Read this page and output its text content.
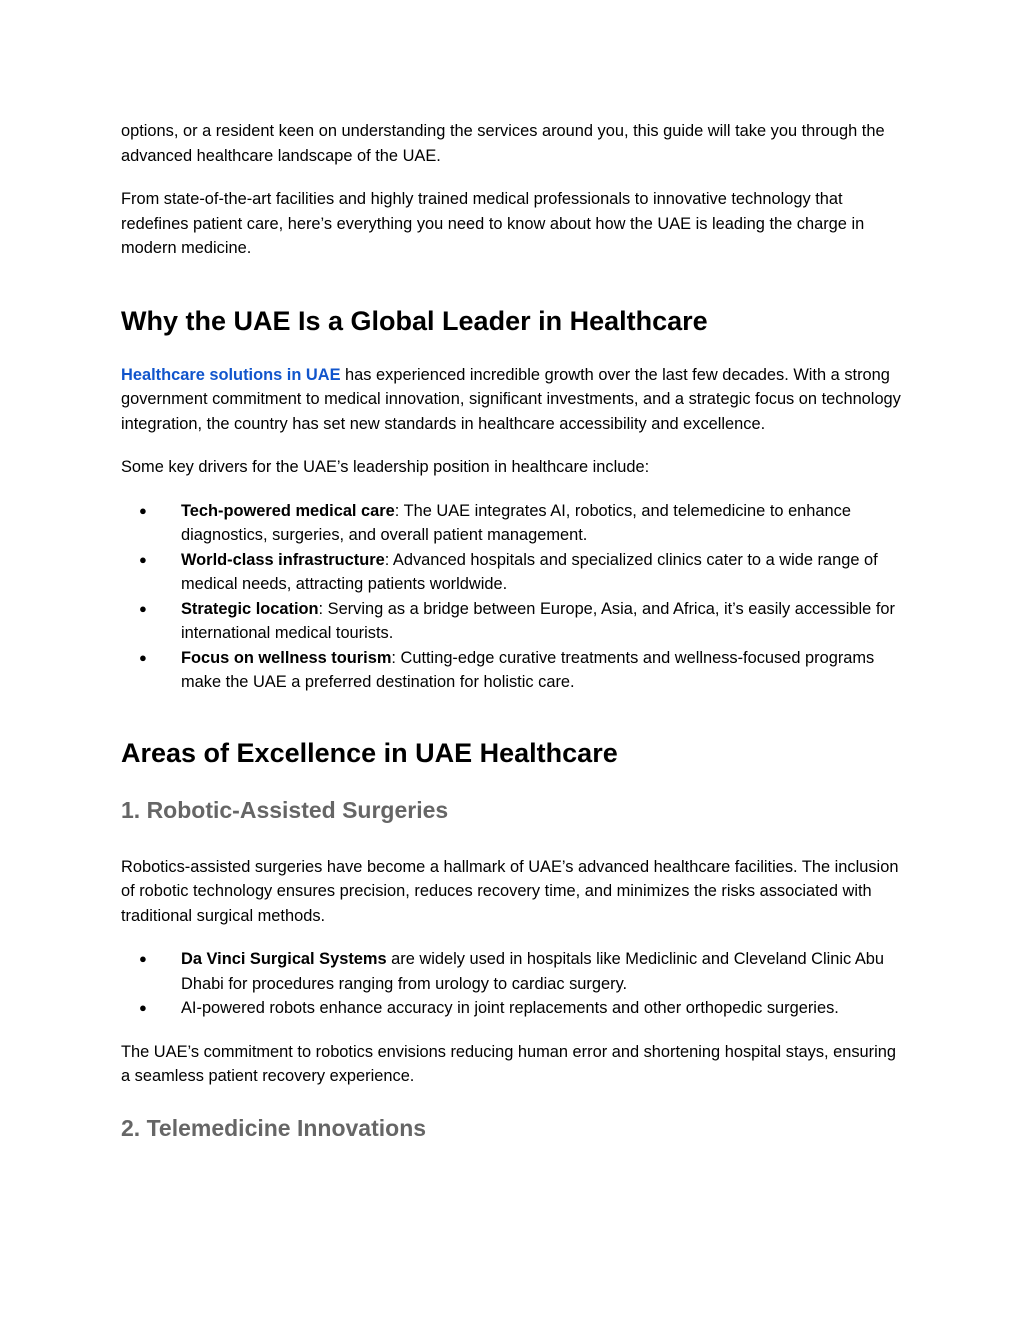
options, or a resident keen on understanding the services around you, this guide will take you through the advanced healthcare landscape of the UAE.

From state-of-the-art facilities and highly trained medical professionals to innovative technology that redefines patient care, here’s everything you need to know about how the UAE is leading the charge in modern medicine.

Why the UAE Is a Global Leader in Healthcare

Healthcare solutions in UAE has experienced incredible growth over the last few decades. With a strong government commitment to medical innovation, significant investments, and a strategic focus on technology integration, the country has set new standards in healthcare accessibility and excellence.

Some key drivers for the UAE’s leadership position in healthcare include:

● Tech-powered medical care: The UAE integrates AI, robotics, and telemedicine to enhance diagnostics, surgeries, and overall patient management.
● World-class infrastructure: Advanced hospitals and specialized clinics cater to a wide range of medical needs, attracting patients worldwide.
● Strategic location: Serving as a bridge between Europe, Asia, and Africa, it’s easily accessible for international medical tourists.
● Focus on wellness tourism: Cutting-edge curative treatments and wellness-focused programs make the UAE a preferred destination for holistic care.
Areas of Excellence in UAE Healthcare
1. Robotic-Assisted Surgeries

Robotics-assisted surgeries have become a hallmark of UAE’s advanced healthcare facilities. The inclusion of robotic technology ensures precision, reduces recovery time, and minimizes the risks associated with traditional surgical methods.

● Da Vinci Surgical Systems are widely used in hospitals like Mediclinic and Cleveland Clinic Abu Dhabi for procedures ranging from urology to cardiac surgery.
● AI-powered robots enhance accuracy in joint replacements and other orthopedic surgeries.

The UAE’s commitment to robotics envisions reducing human error and shortening hospital stays, ensuring a seamless patient recovery experience.

2. Telemedicine Innovations
